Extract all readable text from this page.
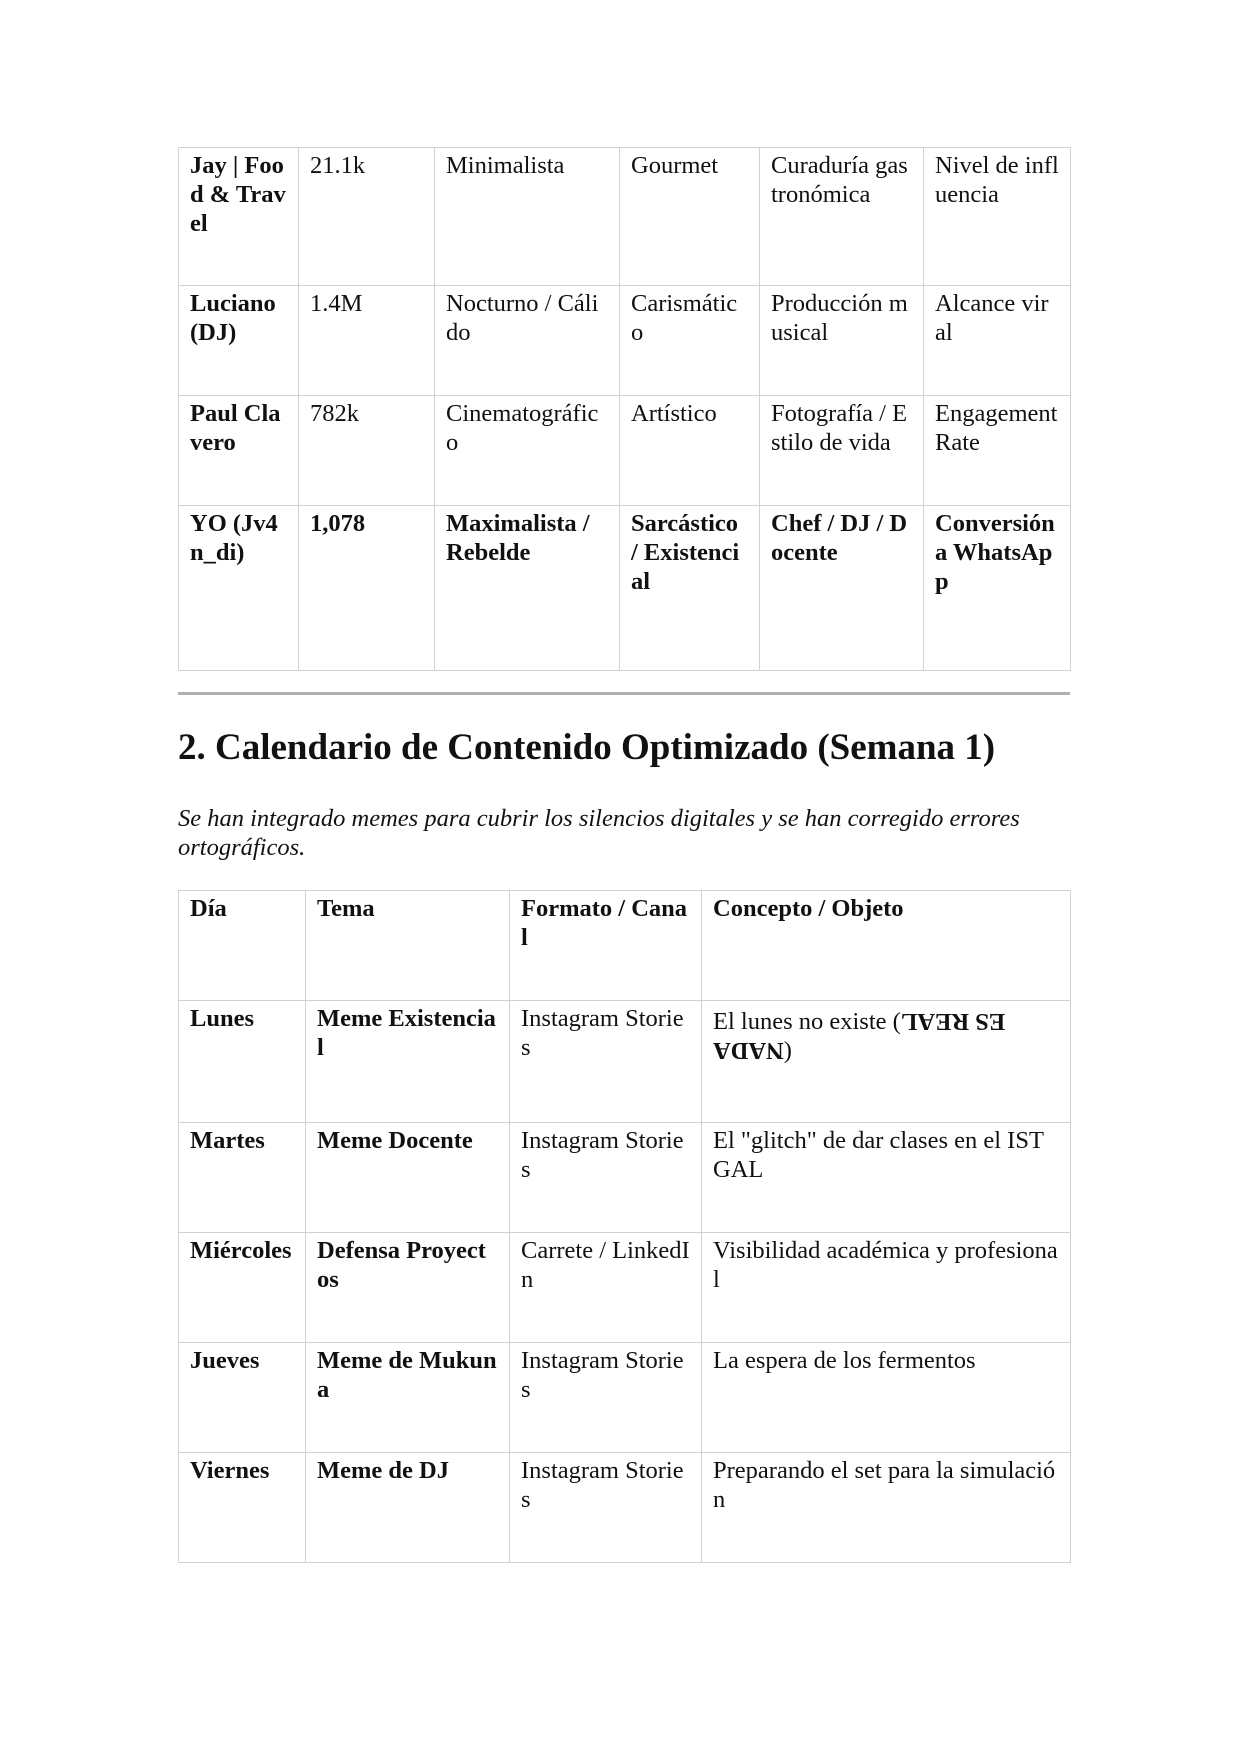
Jay | Food & Travel	21.1k	Minimalista	Gourmet	Curaduría gastronómica	Nivel de influencia
Luciano (DJ)	1.4M	Nocturno / Cálido	Carismático	Producción musical	Alcance viral
Paul Clavero	782k	Cinematográfico	Artístico	Fotografía / Estilo de vida	Engagement Rate
YO (Jv4n_di)	1,078	Maximalista / Rebelde	Sarcástico / Existencial	Chef / DJ / Docente	Conversión a WhatsApp
2. Calendario de Contenido Optimizado (Semana 1)

Se han integrado memes para cubrir los silencios digitales y se han corregido errores ortográficos.

Día	Tema	Formato / Canal	Concepto / Objeto
Lunes	Meme Existencial	Instagram Stories	El lunes no existe (ES REAL
NADA)
Martes	Meme Docente	Instagram Stories	El "glitch" de dar clases en el ISTGAL
Miércoles	Defensa Proyectos	Carrete / LinkedIn	Visibilidad académica y profesional
Jueves	Meme de Mukuna	Instagram Stories	La espera de los fermentos
Viernes	Meme de DJ	Instagram Stories	Preparando el set para la simulación
